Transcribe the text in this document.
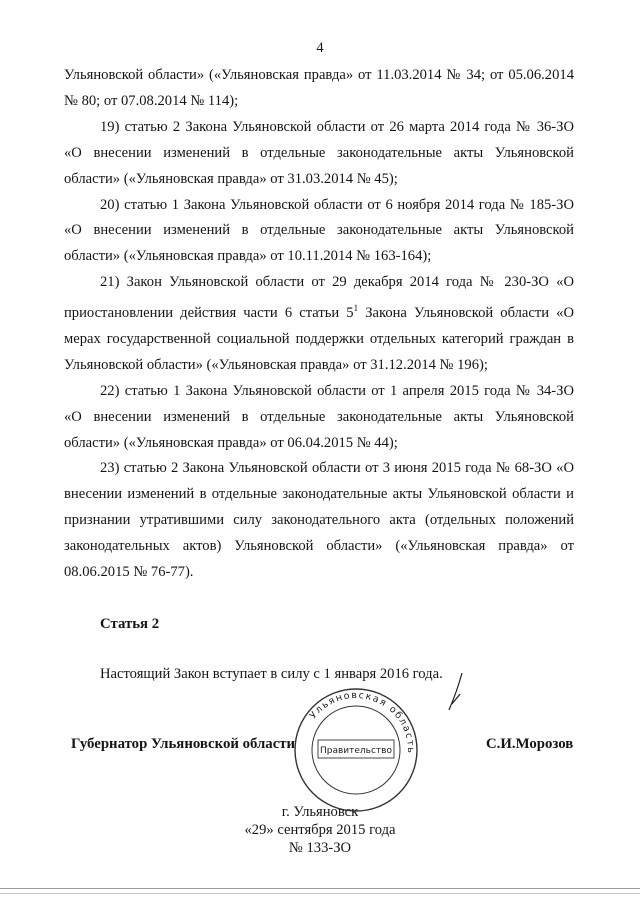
4

Ульяновской области» («Ульяновская правда» от 11.03.2014 № 34; от 05.06.2014 № 80; от 07.08.2014 № 114);

19) статью 2 Закона Ульяновской области от 26 марта 2014 года № 36-ЗО «О внесении изменений в отдельные законодательные акты Ульяновской области» («Ульяновская правда» от 31.03.2014 № 45);

20) статью 1 Закона Ульяновской области от 6 ноября 2014 года № 185-ЗО «О внесении изменений в отдельные законодательные акты Ульяновской области» («Ульяновская правда» от 10.11.2014 № 163-164);

21) Закон Ульяновской области от 29 декабря 2014 года № 230-ЗО «О приостановлении действия части 6 статьи $5^1$ Закона Ульяновской области «О мерах государственной социальной поддержки отдельных категорий граждан в Ульяновской области» («Ульяновская правда» от 31.12.2014 № 196);

22) статью 1 Закона Ульяновской области от 1 апреля 2015 года № 34-ЗО «О внесении изменений в отдельные законодательные акты Ульяновской области» («Ульяновская правда» от 06.04.2015 № 44);

23) статью 2 Закона Ульяновской области от 3 июня 2015 года № 68-ЗО «О внесении изменений в отдельные законодательные акты Ульяновской области и признании утратившими силу законодательного акта (отдельных положений законодательных актов) Ульяновской области» («Ульяновская правда» от 08.06.2015 № 76-77).

Статья 2
Настоящий Закон вступает в силу с 1 января 2016 года.
Ульяновская область
Правительство
Губернатор Ульяновской области	С.И.Морозов
г. Ульяновск
«29» сентября 2015 года
№ 133-ЗО
